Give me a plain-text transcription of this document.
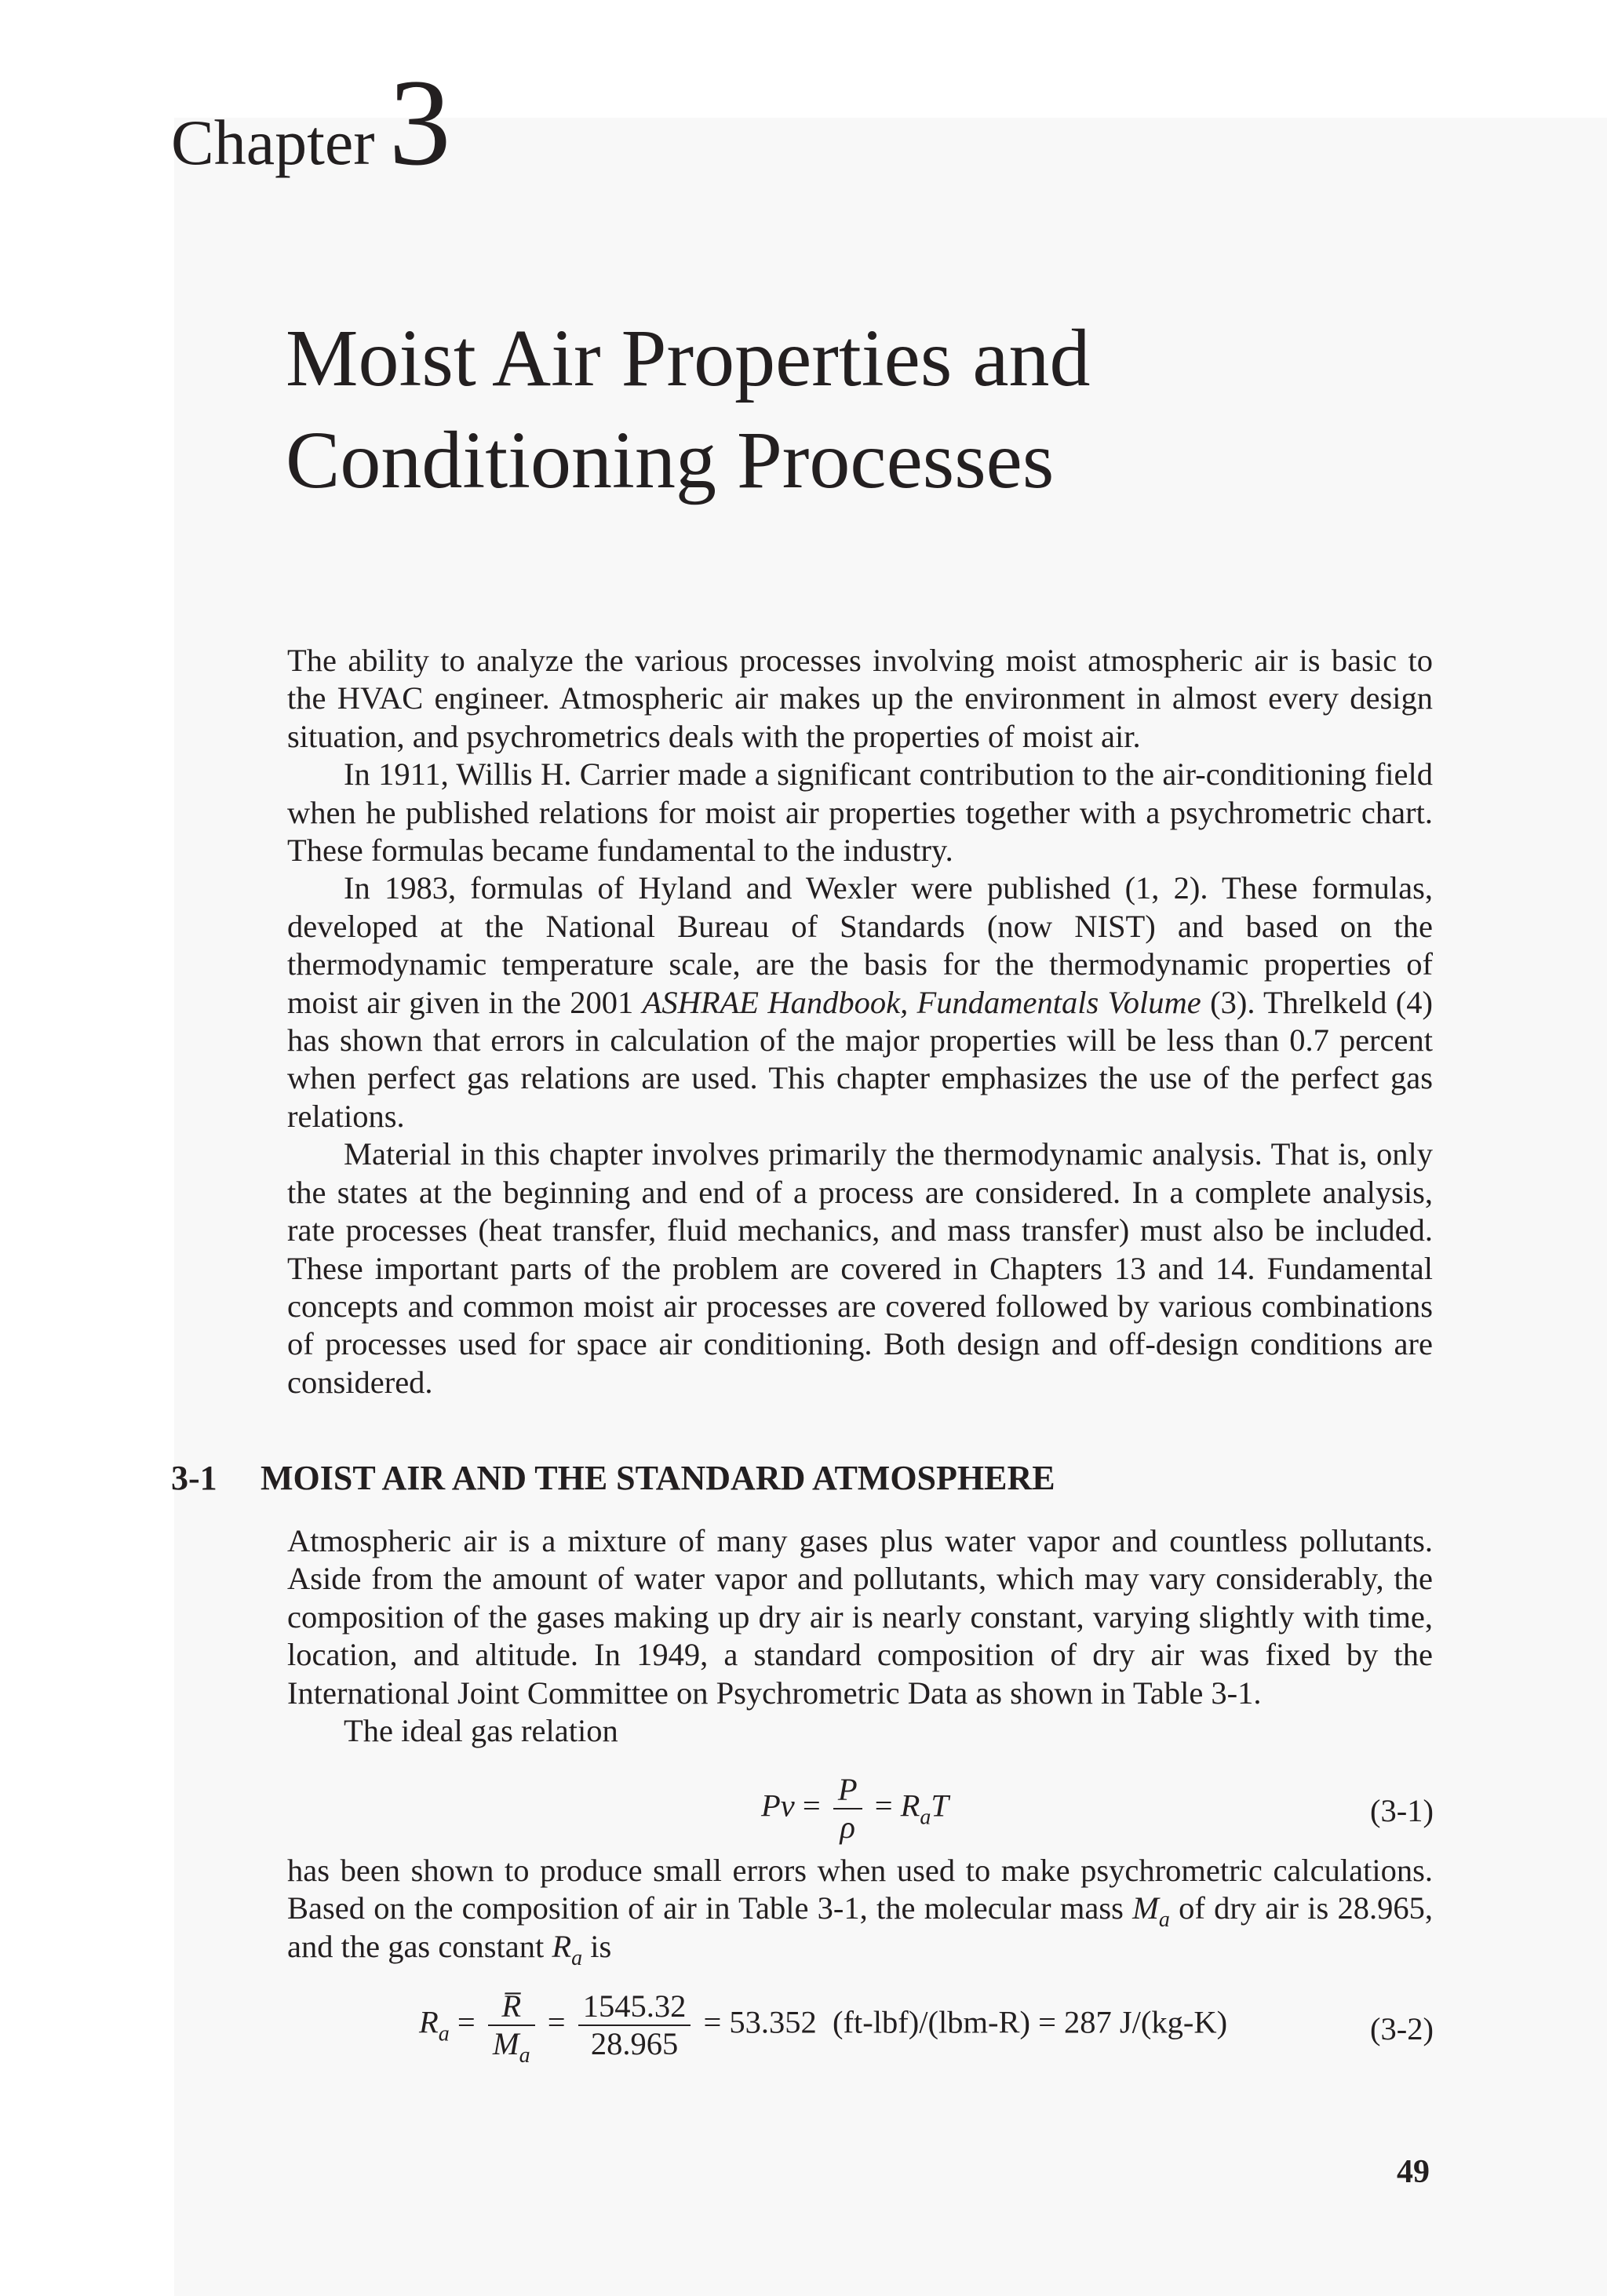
Chapter 3
Moist Air Properties and
Conditioning Processes

The ability to analyze the various processes involving moist atmospheric air is basic to the HVAC engineer. Atmospheric air makes up the environment in almost every design situation, and psychrometrics deals with the properties of moist air.

In 1911, Willis H. Carrier made a significant contribution to the air-conditioning field when he published relations for moist air properties together with a psychrometric chart. These formulas became fundamental to the industry.

In 1983, formulas of Hyland and Wexler were published (1, 2). These formulas, developed at the National Bureau of Standards (now NIST) and based on the thermodynamic temperature scale, are the basis for the thermodynamic properties of moist air given in the 2001 ASHRAE Handbook, Fundamentals Volume (3). Threlkeld (4) has shown that errors in calculation of the major properties will be less than 0.7 percent when perfect gas relations are used. This chapter emphasizes the use of the perfect gas relations.

Material in this chapter involves primarily the thermodynamic analysis. That is, only the states at the beginning and end of a process are considered. In a complete analysis, rate processes (heat transfer, fluid mechanics, and mass transfer) must also be included. These important parts of the problem are covered in Chapters 13 and 14. Fundamental concepts and common moist air processes are covered followed by various combinations of processes used for space air conditioning. Both design and off-design conditions are considered.

3-1 MOIST AIR AND THE STANDARD ATMOSPHERE

Atmospheric air is a mixture of many gases plus water vapor and countless pollutants. Aside from the amount of water vapor and pollutants, which may vary considerably, the composition of the gases making up dry air is nearly constant, varying slightly with time, location, and altitude. In 1949, a standard composition of dry air was fixed by the International Joint Committee on Psychrometric Data as shown in Table 3-1.

The ideal gas relation

$Pv = \frac{P}{\rho} = R_aT$	(3-1)

has been shown to produce small errors when used to make psychrometric calculations. Based on the composition of air in Table 3-1, the molecular mass $M_a$ of dry air is 28.965, and the gas constant $R_a$ is

$R_a = \frac{R̅}{M_a} = \frac{1545.32}{28.965} = 53.352$  (ft-lbf)/(lbm-R) = 287 J/(kg-K)	(3-2)
49
